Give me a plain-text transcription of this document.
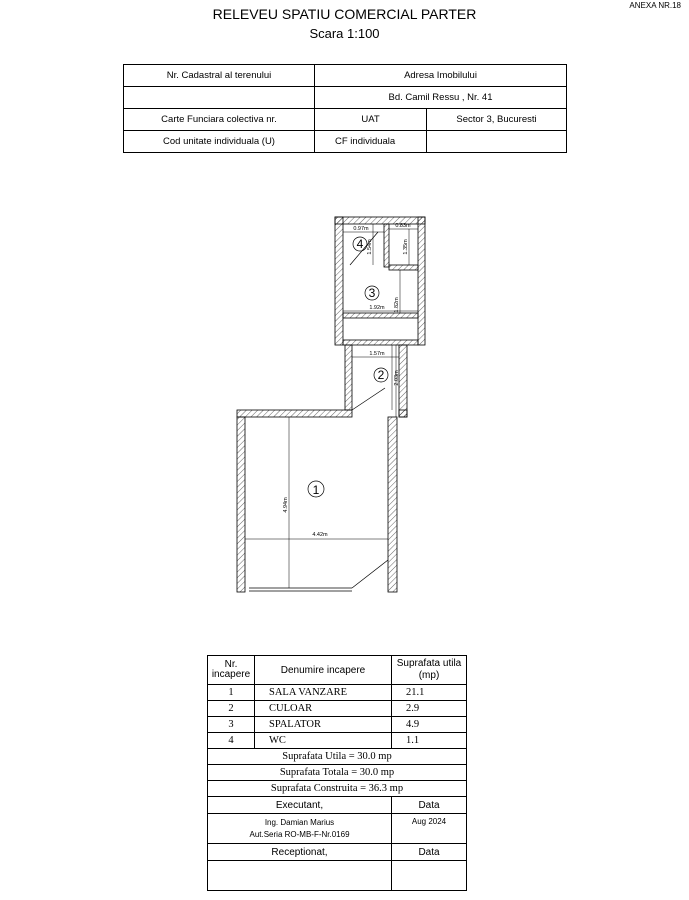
ANEXA NR.18
RELEVEU SPATIU COMERCIAL PARTER
Scara 1:100
Nr. Cadastral al terenului	Adresa Imobilului	
	Bd. Camil Ressu , Nr. 41	
Carte Funciara colectiva nr.	UAT	Sector 3, Bucuresti
Cod unitate individuala (U)	CF individuala	
4
3
2
1
0.97m	0.83m
1.54m	1.35m
1.92m 1.82m
1.57m
2.03m
4.94m
4.42m
Nr.
incapere	Denumire incapere	Suprafata utila
(mp)
1	SALA VANZARE	21.1
2	CULOAR	2.9
3	SPALATOR	4.9
4	WC	1.1
Suprafata Utila = 30.0 mp		
Suprafata Totala = 30.0 mp		
Suprafata Construita = 36.3 mp		
Executant,		Data

Ing. Damian Marius
Aut.Seria RO-MB-F-Nr.0169		Aug 2024
Receptionat,		Data
